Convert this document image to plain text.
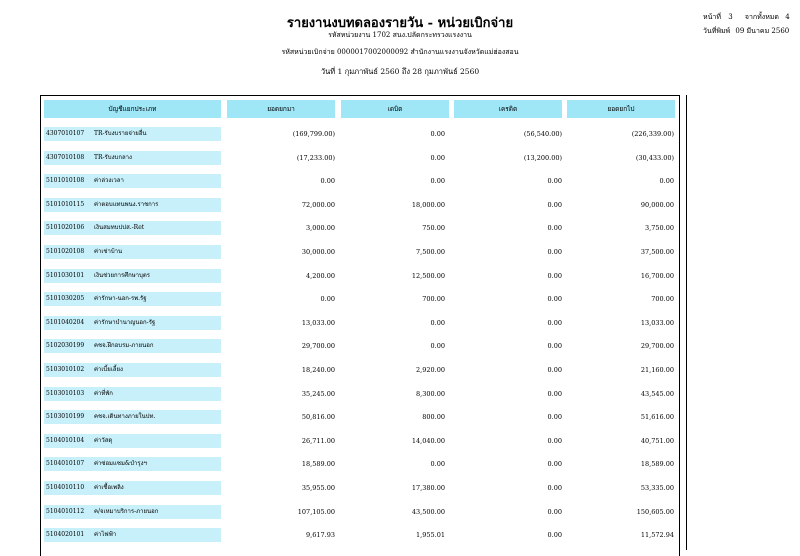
รายงานงบทดลองรายวัน - หน่วยเบิกจ่าย
รหัสหน่วยงาน 1702 สนง.ปลัดกระทรวงแรงงาน
รหัสหน่วยเบิกจ่าย 0000017002000092 สำนักงานแรงงานจังหวัดแม่ฮ่องสอน
วันที่ 1 กุมภาพันธ์ 2560 ถึง 28 กุมภาพันธ์ 2560
หน้าที่ 3 จากทั้งหมด 4
วันที่พิมพ์ 09 มีนาคม 2560
บัญชีแยกประเภท	ยอดยกมา	เดบิต	เครดิต	ยอดยกไป
4307010107 TR-รับงบรายจ่ายอื่น	(169,799.00)	0.00	(56,540.00)	(226,339.00)
4307010108 TR-รับงบกลาง	(17,233.00)	0.00	(13,200.00)	(30,433.00)
5101010108 ค่าล่วงเวลา	0.00	0.00	0.00	0.00
5101010115 ค่าตอบแทนพนง.ราชการ	72,000.00	18,000.00	0.00	90,000.00
5101020106 เงินสมทบปปส.-Ret	3,000.00	750.00	0.00	3,750.00
5101020108 ค่าเช่าบ้าน	30,000.00	7,500.00	0.00	37,500.00
5101030101 เงินช่วยการศึกษาบุตร	4,200.00	12,500.00	0.00	16,700.00
5101030205 ค่ารักษา-นอก-รพ.รัฐ	0.00	700.00	0.00	700.00
5101040204 ค่ารักษาบำนาญนอก-รัฐ	13,033.00	0.00	0.00	13,033.00
5102030199 คชจ.ฝึกอบรม-ภายนอก	29,700.00	0.00	0.00	29,700.00
5103010102 ค่าเบี้ยเลี้ยง	18,240.00	2,920.00	0.00	21,160.00
5103010103 ค่าที่พัก	35,245.00	8,300.00	0.00	43,545.00
5103010199 คชจ.เดินทางภายในปท.	50,816.00	800.00	0.00	51,616.00
5104010104 ค่าวัสดุ	26,711.00	14,040.00	0.00	40,751.00
5104010107 ค่าซ่อมแซม&บำรุงฯ	18,589.00	0.00	0.00	18,589.00
5104010110 ค่าเชื้อเพลิง	35,955.00	17,380.00	0.00	53,335.00
5104010112 ค/จเหมาบริการ-ภายนอก	107,105.00	43,500.00	0.00	150,605.00
5104020101 ค่าไฟฟ้า	9,617.93	1,955.01	0.00	11,572.94
